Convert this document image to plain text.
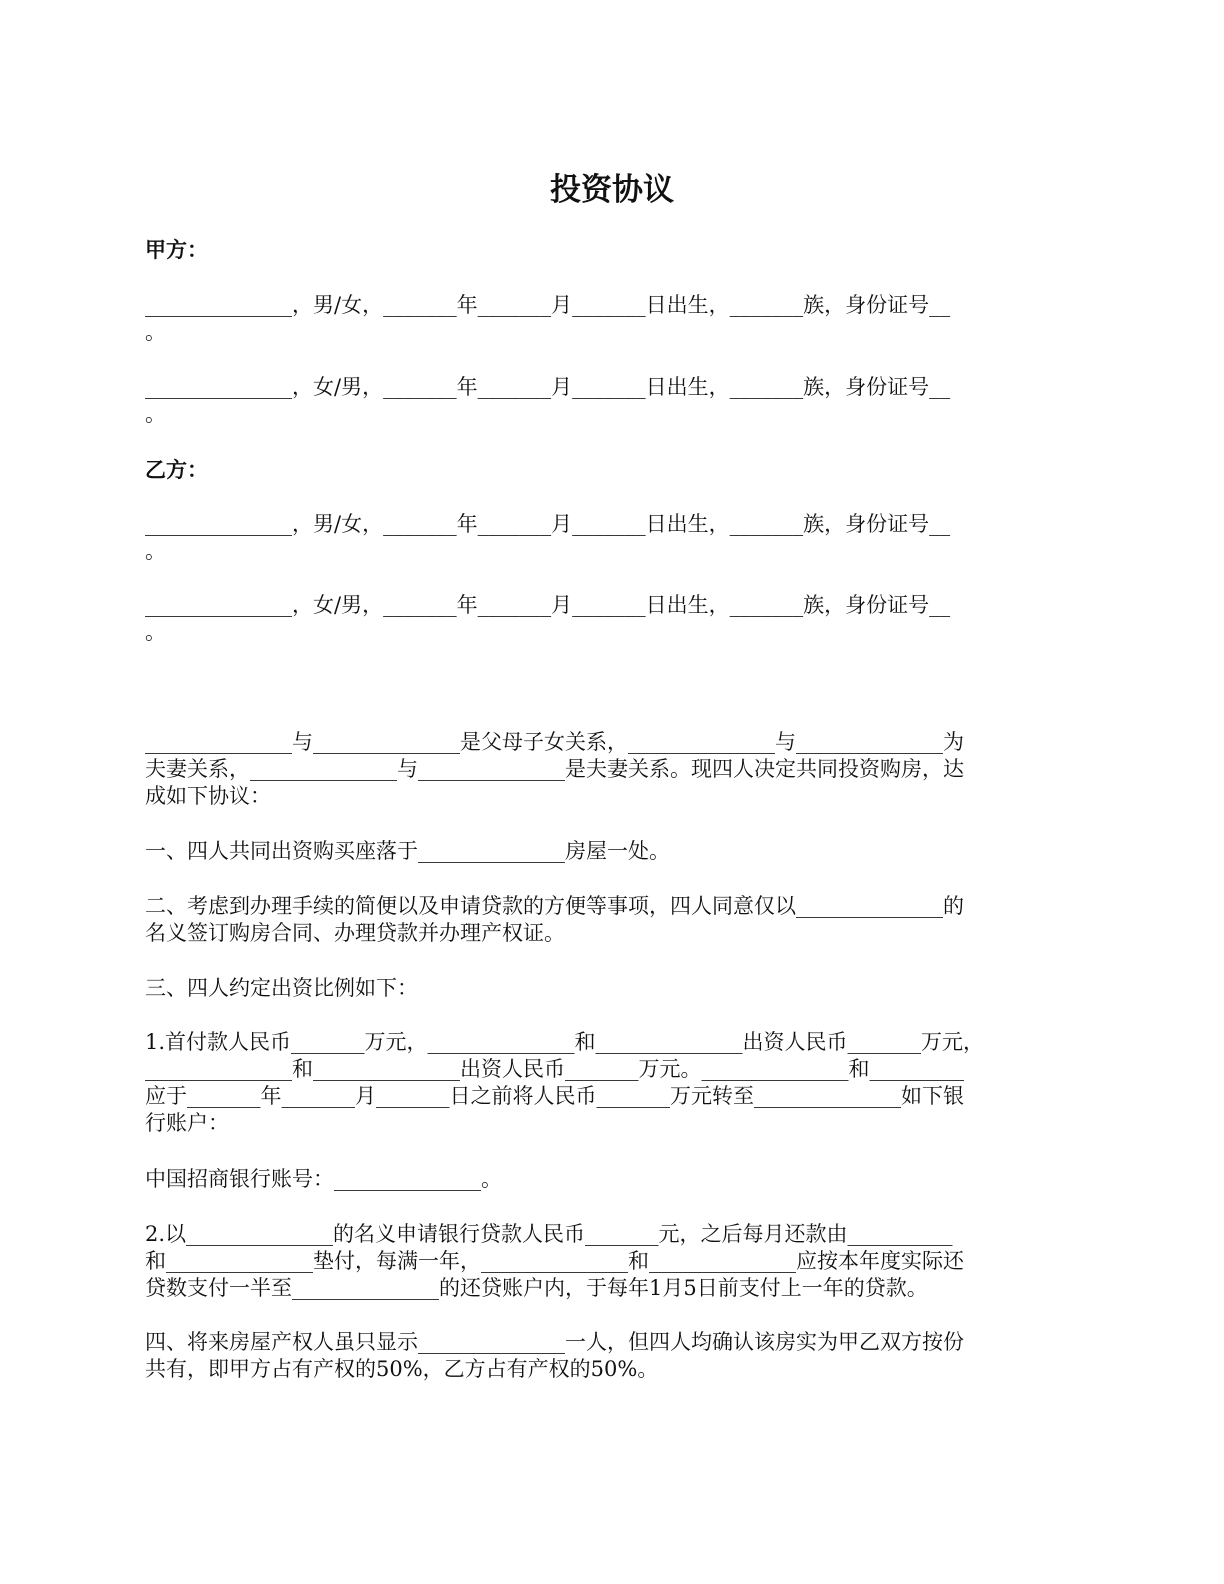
投资协议

甲方：

______________，男/女，_______年_______月_______日出生，_______族，身份证号__
。

______________，女/男，_______年_______月_______日出生，_______族，身份证号__
。

乙方：

______________，男/女，_______年_______月_______日出生，_______族，身份证号__
。

______________，女/男，_______年_______月_______日出生，_______族，身份证号__
。

______________与______________是父母子女关系，______________与______________为
夫妻关系，______________与______________是夫妻关系。现四人决定共同投资购房，达
成如下协议：

一、四人共同出资购买座落于______________房屋一处。

二、考虑到办理手续的简便以及申请贷款的方便等事项，四人同意仅以______________的
名义签订购房合同、办理贷款并办理产权证。

三、四人约定出资比例如下：

1.首付款人民币_______万元，______________和______________出资人民币_______万元，
______________和______________出资人民币_______万元。______________和_________
应于_______年_______月_______日之前将人民币_______万元转至______________如下银
行账户：

中国招商银行账号：______________。

2.以______________的名义申请银行贷款人民币_______元，之后每月还款由__________
和______________垫付，每满一年，______________和______________应按本年度实际还
贷数支付一半至______________的还贷账户内，于每年1月5日前支付上一年的贷款。

四、将来房屋产权人虽只显示______________一人，但四人均确认该房实为甲乙双方按份
共有，即甲方占有产权的50%，乙方占有产权的50%。
